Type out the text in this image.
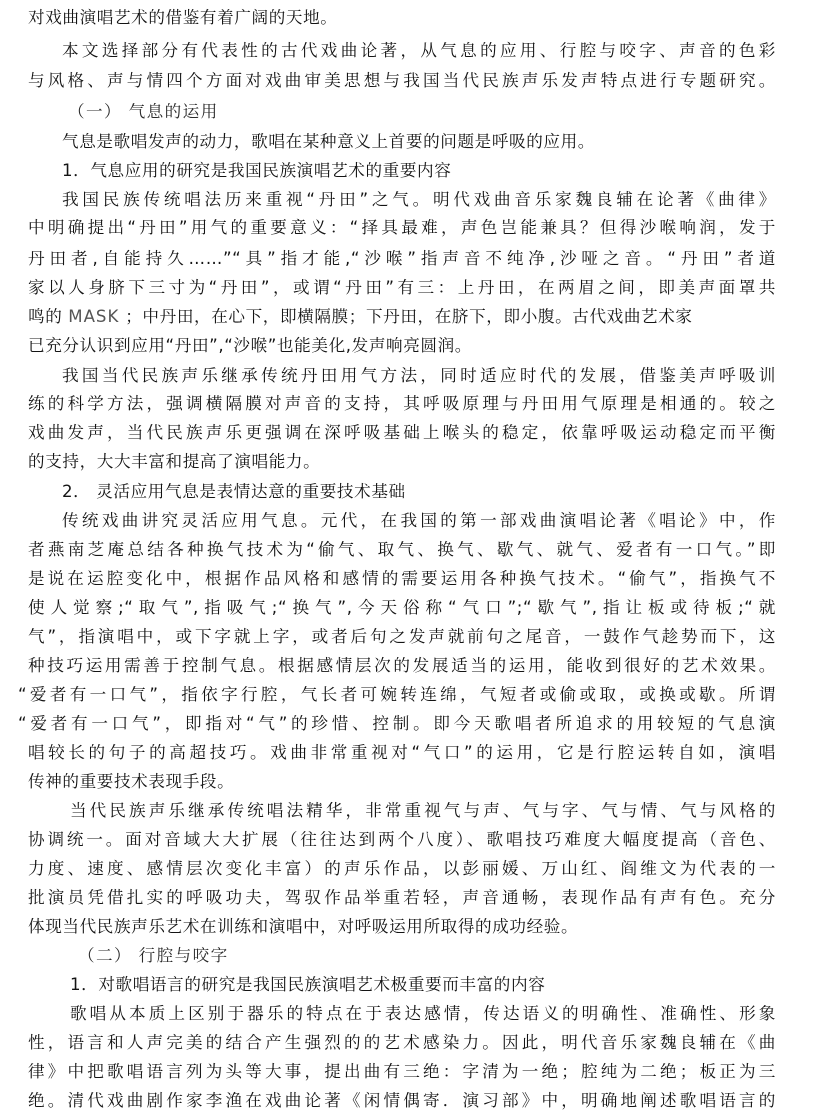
对戏曲演唱艺术的借鉴有着广阔的天地。
本文选择部分有代表性的古代戏曲论著，从气息的应用、行腔与咬字、声音的色彩
与风格、声与情四个方面对戏曲审美思想与我国当代民族声乐发声特点进行专题研究。
（一） 气息的运用
气息是歌唱发声的动力，歌唱在某种意义上首要的问题是呼吸的应用。
1．气息应用的研究是我国民族演唱艺术的重要内容
我国民族传统唱法历来重视“丹田”之气。明代戏曲音乐家魏良辅在论著《曲律》
中明确提出“丹田”用气的重要意义：“择具最难，声色岂能兼具？但得沙喉响润，发于
丹田者,自能持久……”“具”指才能,“沙喉”指声音不纯净,沙哑之音。“丹田”者道
家以人身脐下三寸为“丹田”，或谓“丹田”有三：上丹田，在两眉之间，即美声面罩共
鸣的 MASK ；中丹田，在心下，即横隔膜；下丹田，在脐下，即小腹。古代戏曲艺术家
已充分认识到应用“丹田”,“沙喉”也能美化,发声响亮圆润。
我国当代民族声乐继承传统丹田用气方法，同时适应时代的发展，借鉴美声呼吸训
练的科学方法，强调横隔膜对声音的支持，其呼吸原理与丹田用气原理是相通的。较之
戏曲发声，当代民族声乐更强调在深呼吸基础上喉头的稳定，依靠呼吸运动稳定而平衡
的支持，大大丰富和提高了演唱能力。
2． 灵活应用气息是表情达意的重要技术基础
传统戏曲讲究灵活应用气息。元代，在我国的第一部戏曲演唱论著《唱论》中，作
者燕南芝庵总结各种换气技术为“偷气、取气、换气、歇气、就气、爱者有一口气。”即
是说在运腔变化中，根据作品风格和感情的需要运用各种换气技术。“偷气”，指换气不
使人觉察;“取气”,指吸气;“换气”,今天俗称“气口”;“歇气”,指让板或待板;“就
气”，指演唱中，或下字就上字，或者后句之发声就前句之尾音，一鼓作气趁势而下，这
种技巧运用需善于控制气息。根据感情层次的发展适当的运用，能收到很好的艺术效果。
“爱者有一口气”，指依字行腔，气长者可婉转连绵，气短者或偷或取，或换或歇。所谓
“爱者有一口气”，即指对“气”的珍惜、控制。即今天歌唱者所追求的用较短的气息演
唱较长的句子的高超技巧。戏曲非常重视对“气口”的运用，它是行腔运转自如，演唱
传神的重要技术表现手段。
当代民族声乐继承传统唱法精华，非常重视气与声、气与字、气与情、气与风格的
协调统一。面对音域大大扩展（往往达到两个八度）、歌唱技巧难度大幅度提高（音色、
力度、速度、感情层次变化丰富）的声乐作品，以彭丽媛、万山红、阎维文为代表的一
批演员凭借扎实的呼吸功夫，驾驭作品举重若轻，声音通畅，表现作品有声有色。充分
体现当代民族声乐艺术在训练和演唱中，对呼吸运用所取得的成功经验。
（二） 行腔与咬字
1．对歌唱语言的研究是我国民族演唱艺术极重要而丰富的内容
歌唱从本质上区别于器乐的特点在于表达感情，传达语义的明确性、准确性、形象
性，语言和人声完美的结合产生强烈的的艺术感染力。因此，明代音乐家魏良辅在《曲
律》中把歌唱语言列为头等大事，提出曲有三绝：字清为一绝；腔纯为二绝；板正为三
绝。清代戏曲剧作家李渔在戏曲论著《闲情偶寄．演习部》中，明确地阐述歌唱语言的
